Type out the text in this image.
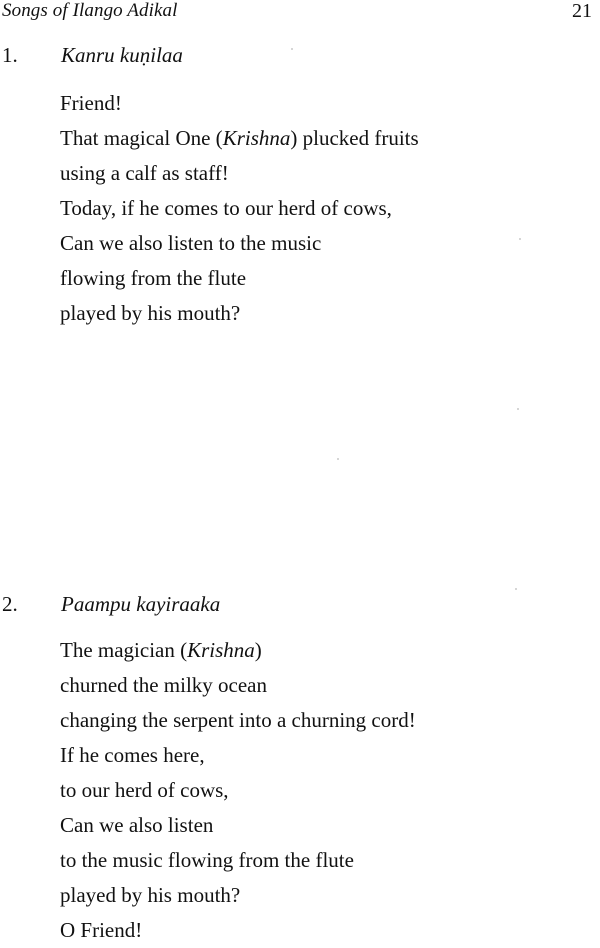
Songs of Ilango Adikal	21
1. Kanru kuṇilaa
Friend!
That magical One (Krishna) plucked fruits
using a calf as staff!
Today, if he comes to our herd of cows,
Can we also listen to the music
flowing from the flute
played by his mouth?
2. Paampu kayiraaka
The magician (Krishna)
churned the milky ocean
changing the serpent into a churning cord!
If he comes here,
to our herd of cows,
Can we also listen
to the music flowing from the flute
played by his mouth?
O Friend!
